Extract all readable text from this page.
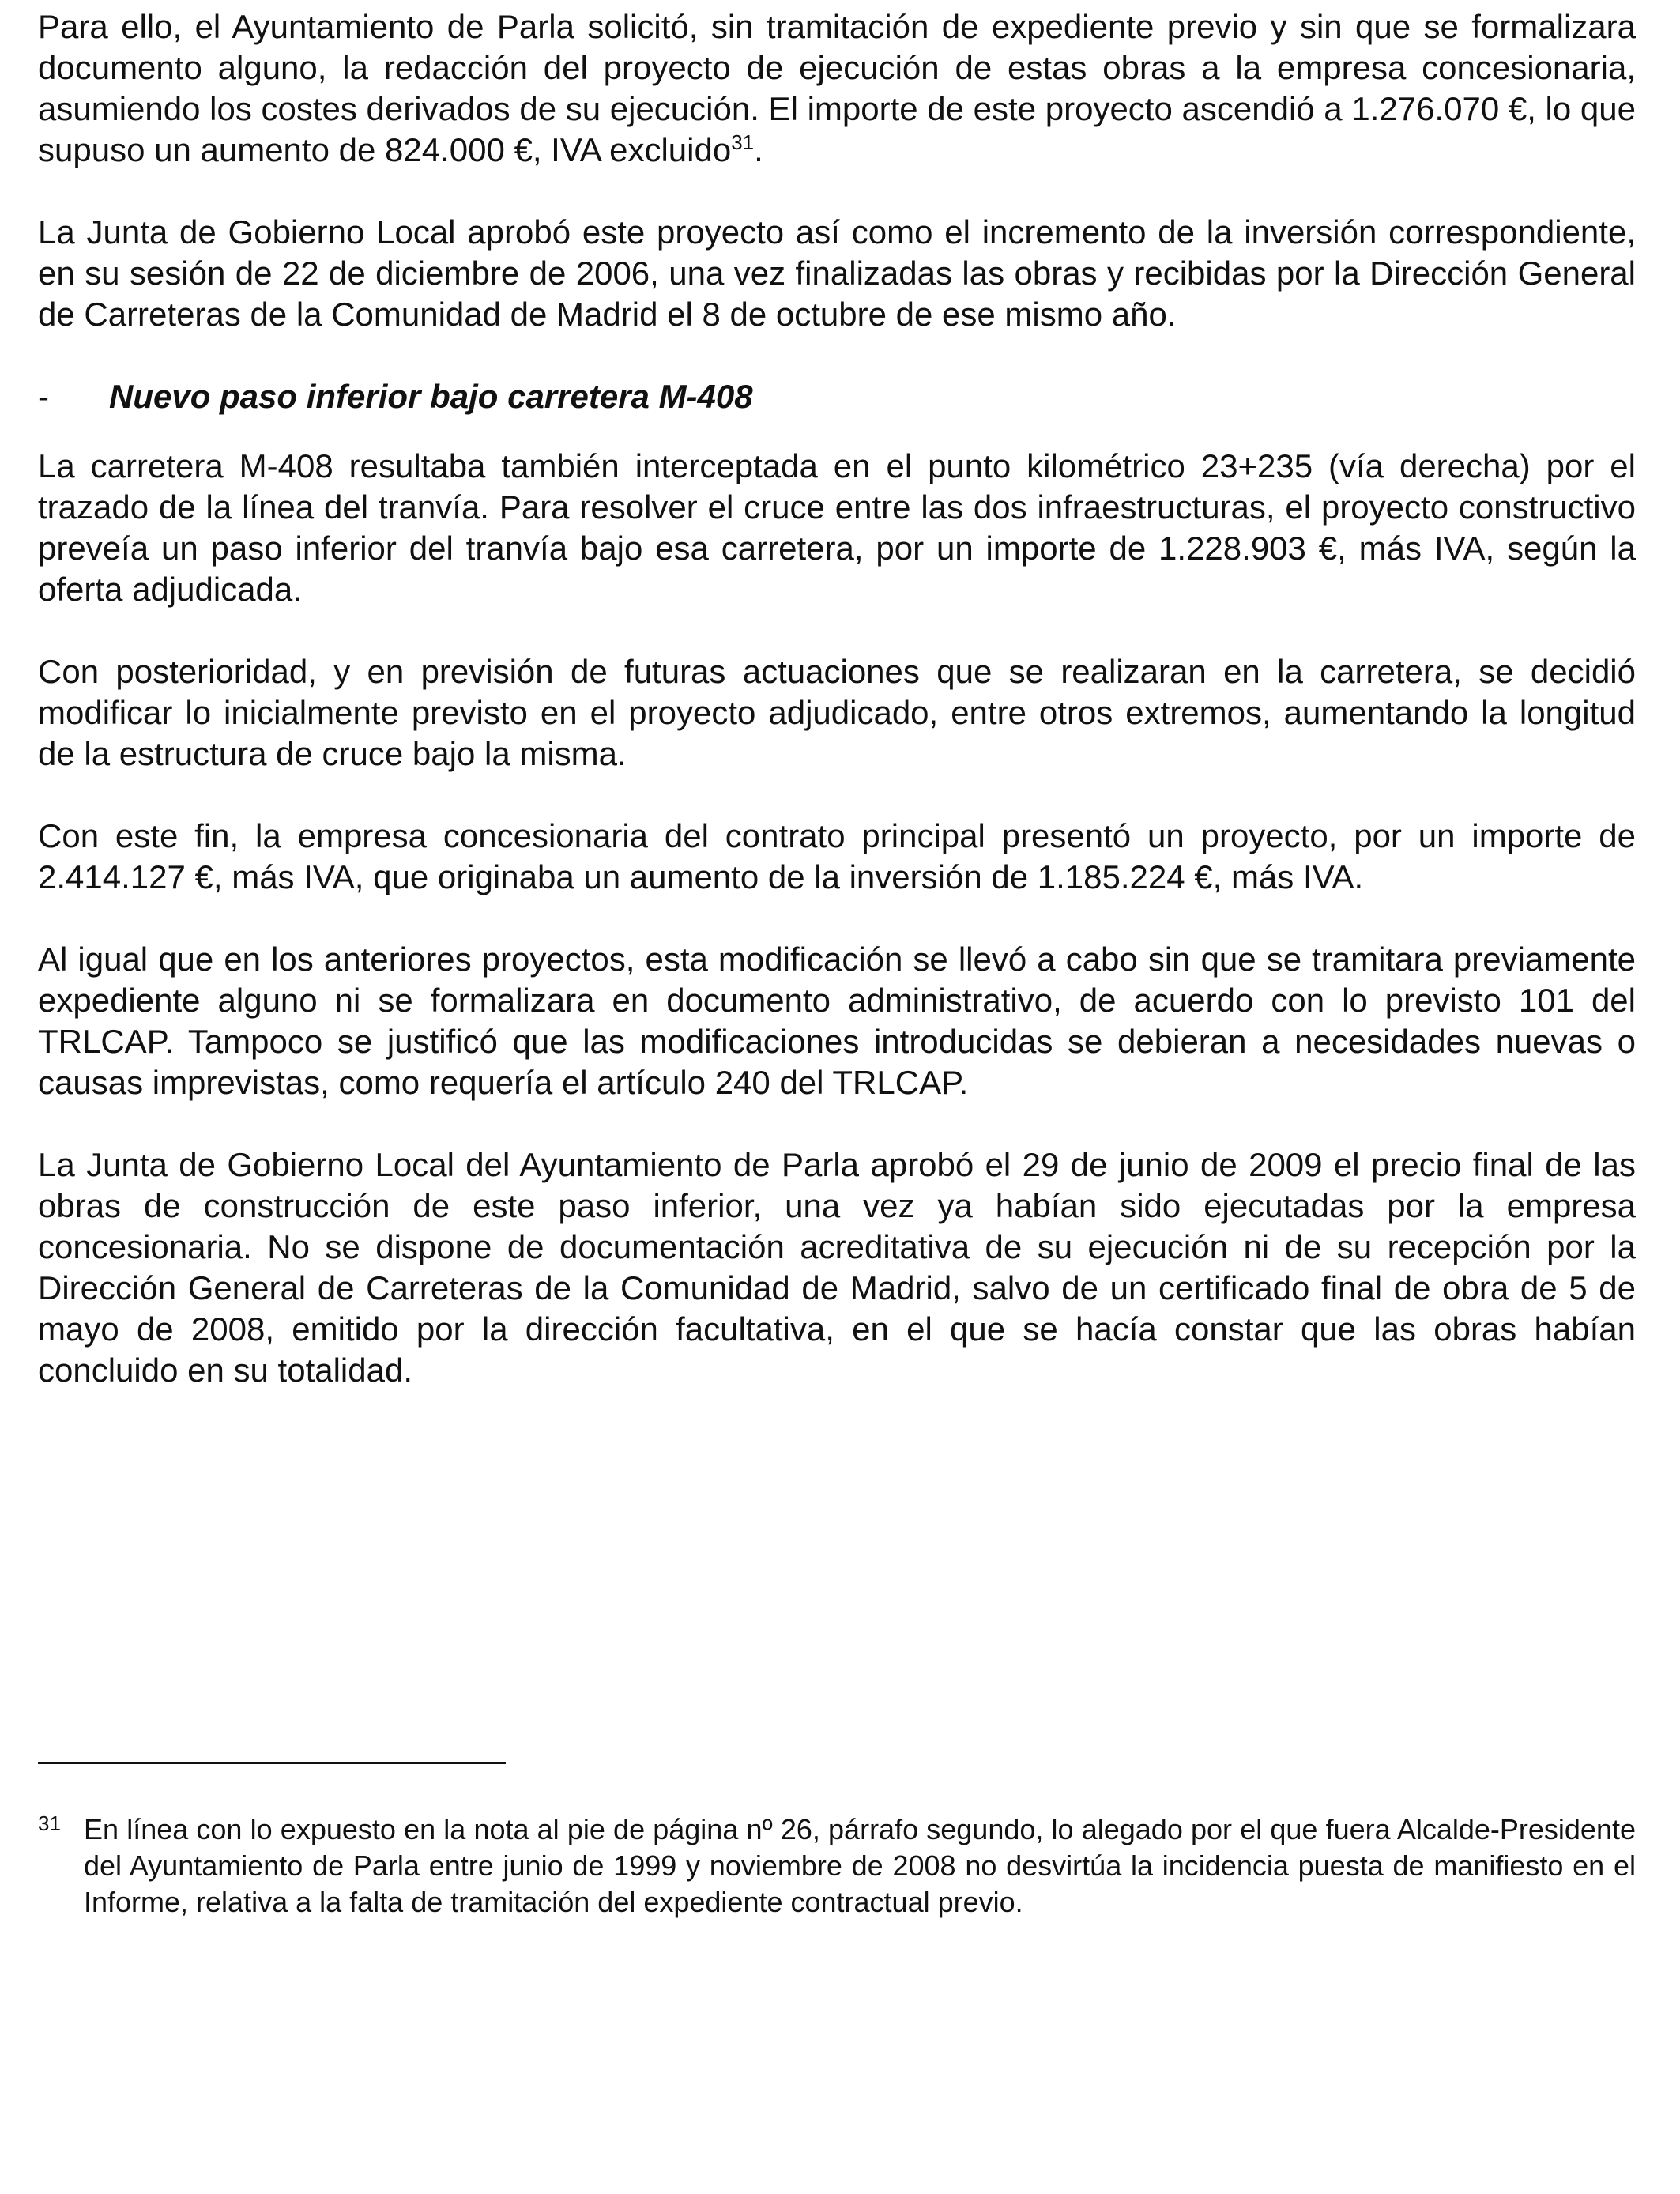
Para ello, el Ayuntamiento de Parla solicitó, sin tramitación de expediente previo y sin que se formalizara documento alguno, la redacción del proyecto de ejecución de estas obras a la empresa concesionaria, asumiendo los costes derivados de su ejecución. El importe de este proyecto ascendió a 1.276.070 €, lo que supuso un aumento de 824.000 €, IVA excluido$^{31}$.

La Junta de Gobierno Local aprobó este proyecto así como el incremento de la inversión correspondiente, en su sesión de 22 de diciembre de 2006, una vez finalizadas las obras y recibidas por la Dirección General de Carreteras de la Comunidad de Madrid el 8 de octubre de ese mismo año.

-	Nuevo paso inferior bajo carretera M-408

La carretera M-408 resultaba también interceptada en el punto kilométrico 23+235 (vía derecha) por el trazado de la línea del tranvía. Para resolver el cruce entre las dos infraestructuras, el proyecto constructivo preveía un paso inferior del tranvía bajo esa carretera, por un importe de 1.228.903 €, más IVA, según la oferta adjudicada.

Con posterioridad, y en previsión de futuras actuaciones que se realizaran en la carretera, se decidió modificar lo inicialmente previsto en el proyecto adjudicado, entre otros extremos, aumentando la longitud de la estructura de cruce bajo la misma.

Con este fin, la empresa concesionaria del contrato principal presentó un proyecto, por un importe de 2.414.127 €, más IVA, que originaba un aumento de la inversión de 1.185.224 €, más IVA.

Al igual que en los anteriores proyectos, esta modificación se llevó a cabo sin que se tramitara previamente expediente alguno ni se formalizara en documento administrativo, de acuerdo con lo previsto 101 del TRLCAP. Tampoco se justificó que las modificaciones introducidas se debieran a necesidades nuevas o causas imprevistas, como requería el artículo 240 del TRLCAP.

La Junta de Gobierno Local del Ayuntamiento de Parla aprobó el 29 de junio de 2009 el precio final de las obras de construcción de este paso inferior, una vez ya habían sido ejecutadas por la empresa concesionaria. No se dispone de documentación acreditativa de su ejecución ni de su recepción por la Dirección General de Carreteras de la Comunidad de Madrid, salvo de un certificado final de obra de 5 de mayo de 2008, emitido por la dirección facultativa, en el que se hacía constar que las obras habían concluido en su totalidad.

31 En línea con lo expuesto en la nota al pie de página nº 26, párrafo segundo, lo alegado por el que fuera Alcalde-Presidente del Ayuntamiento de Parla entre junio de 1999 y noviembre de 2008 no desvirtúa la incidencia puesta de manifiesto en el Informe, relativa a la falta de tramitación del expediente contractual previo.
